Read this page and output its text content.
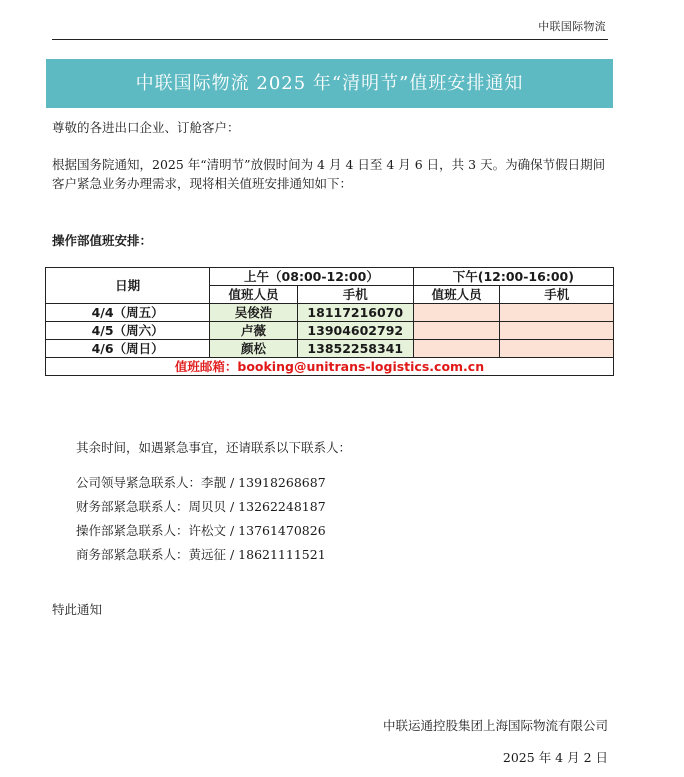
中联国际物流
中联国际物流 2025 年“清明节”值班安排通知
尊敬的各进出口企业、订舱客户：
根据国务院通知，2025 年“清明节”放假时间为 4 月 4 日至 4 月 6 日，共 3 天。为确保节假日期间客户紧急业务办理需求，现将相关值班安排通知如下：
操作部值班安排：
日期	上午（08:00-12:00）		下午(12:00-16:00)	
	值班人员	手机	值班人员	手机
4/4（周五）	吴俊浩	18117216070		
4/5（周六）	卢薇	13904602792		
4/6（周日）	颜松	13852258341		
值班邮箱：booking@unitrans-logistics.com.cn				
其余时间，如遇紧急事宜，还请联系以下联系人：
公司领导紧急联系人：李靓 / 13918268687
财务部紧急联系人：周贝贝 / 13262248187
操作部紧急联系人：许松文 / 13761470826
商务部紧急联系人：黄远征 / 18621111521
特此通知
中联运通控股集团上海国际物流有限公司
2025 年 4 月 2 日
